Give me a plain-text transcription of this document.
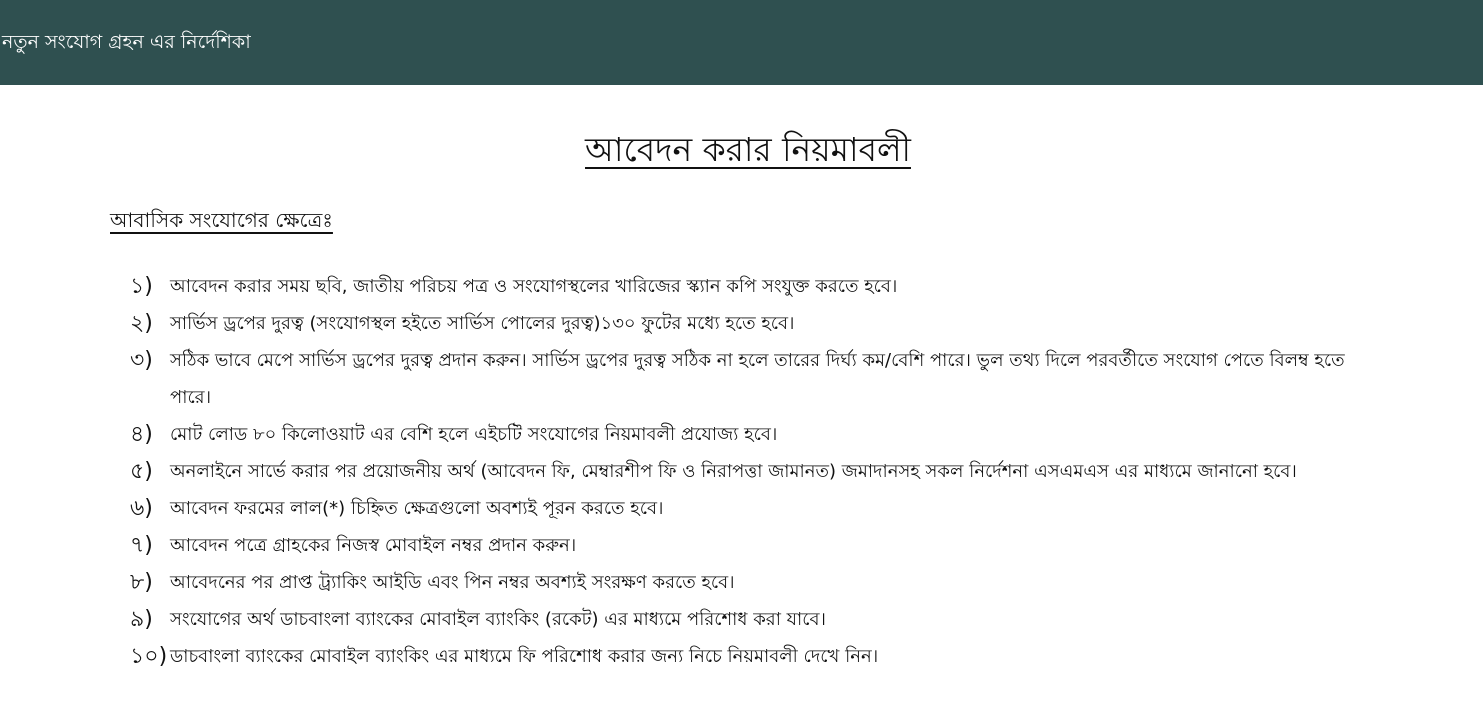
নতুন সংযোগ গ্রহন এর নির্দেশিকা
আবেদন করার নিয়মাবলী
আবাসিক সংযোগের ক্ষেত্রেঃ
১) আবেদন করার সময় ছবি, জাতীয় পরিচয় পত্র ও সংযোগস্থলের খারিজের স্ক্যান কপি সংযুক্ত করতে হবে।
২) সার্ভিস ড্রপের দুরত্ব (সংযোগস্থল হইতে সার্ভিস পোলের দুরত্ব)১৩০ ফুটের মধ্যে হতে হবে।
৩) সঠিক ভাবে মেপে সার্ভিস ড্রপের দুরত্ব প্রদান করুন। সার্ভিস ড্রপের দুরত্ব সঠিক না হলে তারের দির্ঘ্য কম/বেশি পারে। ভুল তথ্য দিলে পরবর্তীতে সংযোগ পেতে বিলম্ব হতে পারে।
৪) মোট লোড ৮০ কিলোওয়াট এর বেশি হলে এইচটি সংযোগের নিয়মাবলী প্রযোজ্য হবে।
৫) অনলাইনে সার্ভে করার পর প্রয়োজনীয় অর্থ (আবেদন ফি, মেম্বারশীপ ফি ও নিরাপত্তা জামানত) জমাদানসহ সকল নির্দেশনা এসএমএস এর মাধ্যমে জানানো হবে।
৬) আবেদন ফরমের লাল(*) চিহ্নিত ক্ষেত্রগুলো অবশ্যই পূরন করতে হবে।
৭) আবেদন পত্রে গ্রাহকের নিজস্ব মোবাইল নম্বর প্রদান করুন।
৮) আবেদনের পর প্রাপ্ত ট্র্যাকিং আইডি এবং পিন নম্বর অবশ্যই সংরক্ষণ করতে হবে।
৯) সংযোগের অর্থ ডাচবাংলা ব্যাংকের মোবাইল ব্যাংকিং (রকেট) এর মাধ্যমে পরিশোধ করা যাবে।
১০) ডাচবাংলা ব্যাংকের মোবাইল ব্যাংকিং এর মাধ্যমে ফি পরিশোধ করার জন্য নিচে নিয়মাবলী দেখে নিন।
